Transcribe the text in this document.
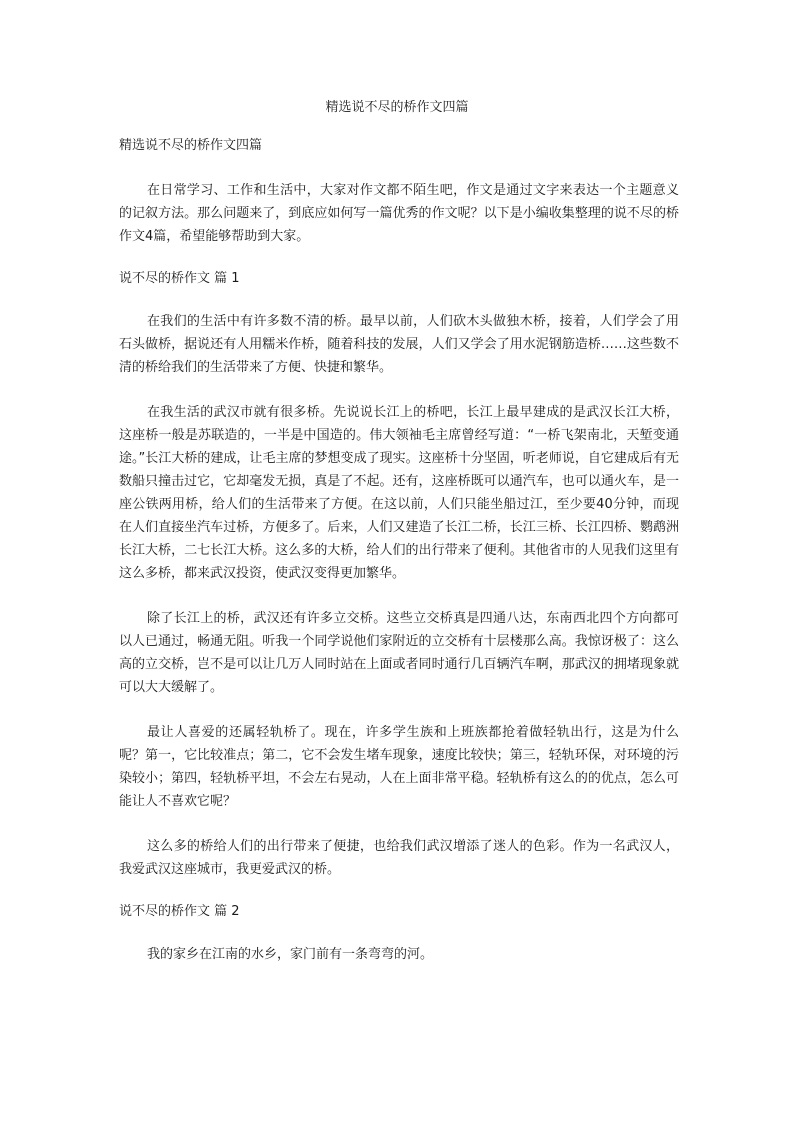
精选说不尽的桥作文四篇
精选说不尽的桥作文四篇

在日常学习、工作和生活中，大家对作文都不陌生吧，作文是通过文字来表达一个主题意义的记叙方法。那么问题来了，到底应如何写一篇优秀的作文呢？以下是小编收集整理的说不尽的桥作文4篇，希望能够帮助到大家。

说不尽的桥作文 篇 1

在我们的生活中有许多数不清的桥。最早以前，人们砍木头做独木桥，接着，人们学会了用石头做桥，据说还有人用糯米作桥，随着科技的发展，人们又学会了用水泥钢筋造桥……这些数不清的桥给我们的生活带来了方便、快捷和繁华。

在我生活的武汉市就有很多桥。先说说长江上的桥吧，长江上最早建成的是武汉长江大桥，这座桥一般是苏联造的，一半是中国造的。伟大领袖毛主席曾经写道：“一桥飞架南北，天堑变通途。”长江大桥的建成，让毛主席的梦想变成了现实。这座桥十分坚固，听老师说，自它建成后有无数船只撞击过它，它却毫发无损，真是了不起。还有，这座桥既可以通汽车，也可以通火车，是一座公铁两用桥，给人们的生活带来了方便。在这以前，人们只能坐船过江，至少要40分钟，而现在人们直接坐汽车过桥，方便多了。后来，人们又建造了长江二桥，长江三桥、长江四桥、鹦鹉洲长江大桥，二七长江大桥。这么多的大桥，给人们的出行带来了便利。其他省市的人见我们这里有这么多桥，都来武汉投资，使武汉变得更加繁华。

除了长江上的桥，武汉还有许多立交桥。这些立交桥真是四通八达，东南西北四个方向都可以人已通过，畅通无阻。听我一个同学说他们家附近的立交桥有十层楼那么高。我惊讶极了：这么高的立交桥，岂不是可以让几万人同时站在上面或者同时通行几百辆汽车啊，那武汉的拥堵现象就可以大大缓解了。

最让人喜爱的还属轻轨桥了。现在，许多学生族和上班族都抢着做轻轨出行，这是为什么呢？第一，它比较准点；第二，它不会发生堵车现象，速度比较快；第三，轻轨环保，对环境的污染较小；第四，轻轨桥平坦，不会左右晃动，人在上面非常平稳。轻轨桥有这么的的优点，怎么可能让人不喜欢它呢？

这么多的桥给人们的出行带来了便捷，也给我们武汉增添了迷人的色彩。作为一名武汉人，我爱武汉这座城市，我更爱武汉的桥。

说不尽的桥作文 篇 2

我的家乡在江南的水乡，家门前有一条弯弯的河。
